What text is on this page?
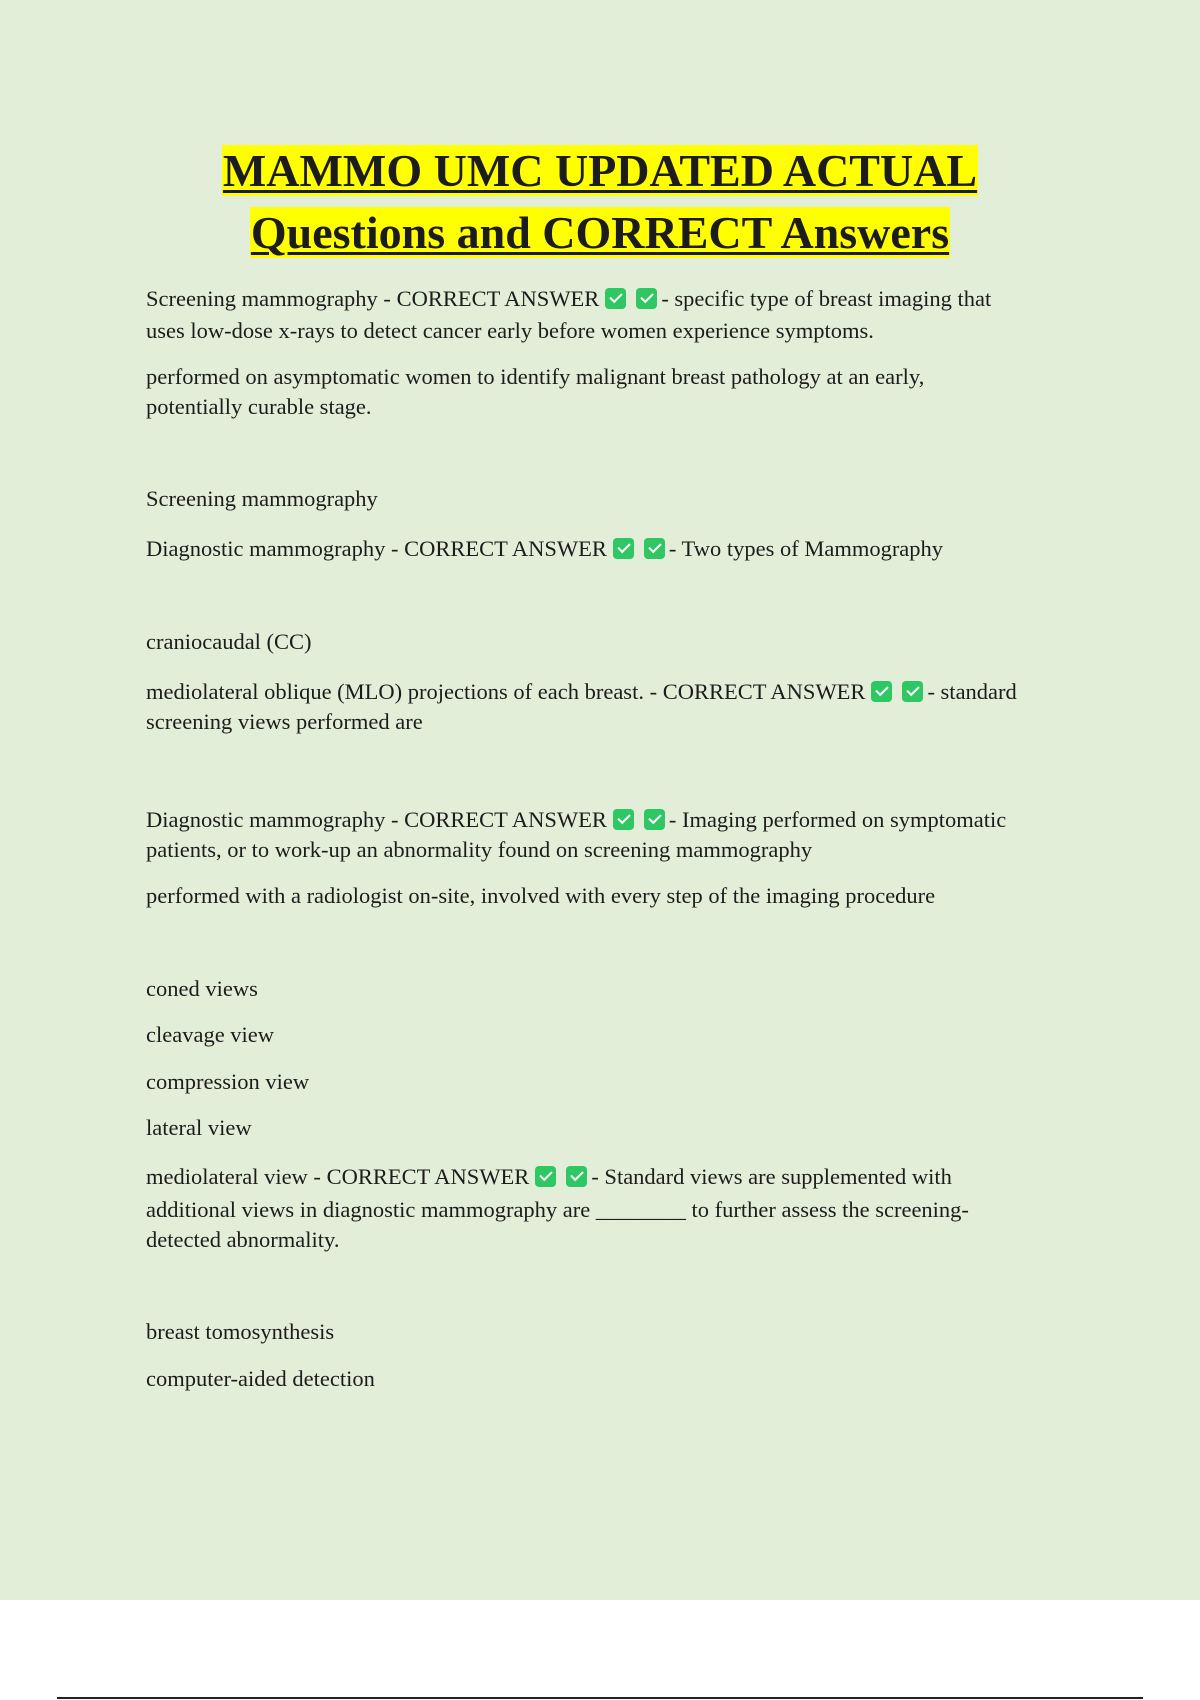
MAMMO UMC UPDATED ACTUAL
Questions and CORRECT Answers

Screening mammography - CORRECT ANSWER	- specific type of breast imaging that

uses low-dose x-rays to detect cancer early before women experience symptoms.

performed on asymptomatic women to identify malignant breast pathology at an early,

potentially curable stage.

Screening mammography

Diagnostic mammography - CORRECT ANSWER	- Two types of Mammography

craniocaudal (CC)

mediolateral oblique (MLO) projections of each breast. - CORRECT ANSWER	- standard

screening views performed are

Diagnostic mammography - CORRECT ANSWER	- Imaging performed on symptomatic

patients, or to work-up an abnormality found on screening mammography

performed with a radiologist on-site, involved with every step of the imaging procedure

coned views

cleavage view

compression view

lateral view

mediolateral view - CORRECT ANSWER	- Standard views are supplemented with

additional views in diagnostic mammography are ________ to further assess the screening-

detected abnormality.

breast tomosynthesis

computer-aided detection
